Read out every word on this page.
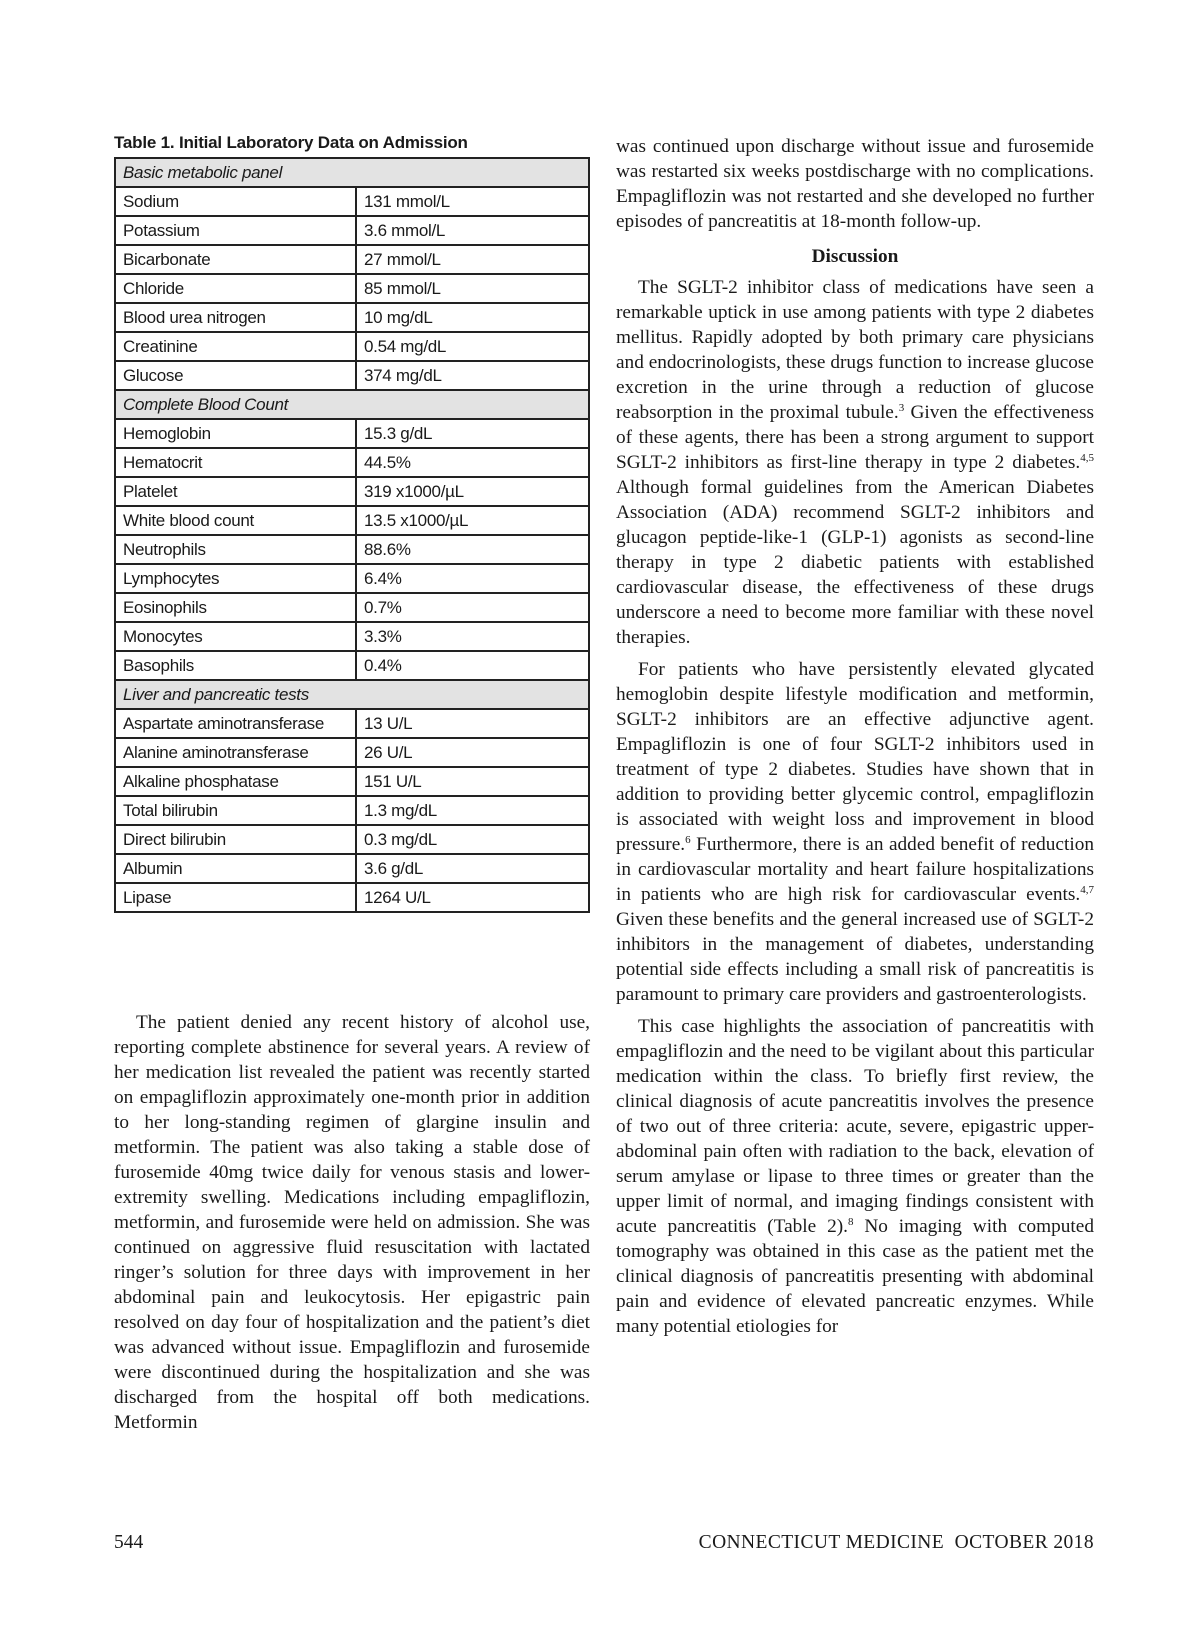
Table 1. Initial Laboratory Data on Admission
Basic metabolic panel	
Sodium	131 mmol/L
Potassium	3.6 mmol/L
Bicarbonate	27 mmol/L
Chloride	85 mmol/L
Blood urea nitrogen	10 mg/dL
Creatinine	0.54 mg/dL
Glucose	374 mg/dL
Complete Blood Count	
Hemoglobin	15.3 g/dL
Hematocrit	44.5%
Platelet	319 x1000/µL
White blood count	13.5 x1000/µL
Neutrophils	88.6%
Lymphocytes	6.4%
Eosinophils	0.7%
Monocytes	3.3%
Basophils	0.4%
Liver and pancreatic tests	
Aspartate aminotransferase	13 U/L
Alanine aminotransferase	26 U/L
Alkaline phosphatase	151 U/L
Total bilirubin	1.3 mg/dL
Direct bilirubin	0.3 mg/dL
Albumin	3.6 g/dL
Lipase	1264 U/L

The patient denied any recent history of alcohol use, reporting complete abstinence for several years. A review of her medication list revealed the patient was recently started on empagliflozin approximately one-month prior in addition to her long-standing regimen of glargine insulin and metformin. The patient was also taking a stable dose of furosemide 40mg twice daily for venous stasis and lower-extremity swelling. Medications including empagliflozin, metformin, and furosemide were held on admission. She was continued on aggressive fluid resuscitation with lactated ringer’s solution for three days with improvement in her abdominal pain and leukocytosis. Her epigastric pain resolved on day four of hospitalization and the patient’s diet was advanced without issue. Empagliflozin and furosemide were discontinued during the hospitalization and she was discharged from the hospital off both medications. Metformin

was continued upon discharge without issue and furosemide was restarted six weeks postdischarge with no complications. Empagliflozin was not restarted and she developed no further episodes of pancreatitis at 18-month follow-up.

Discussion

The SGLT-2 inhibitor class of medications have seen a remarkable uptick in use among patients with type 2 diabetes mellitus. Rapidly adopted by both primary care physicians and endocrinologists, these drugs function to increase glucose excretion in the urine through a reduction of glucose reabsorption in the proximal tubule.$^3$ Given the effectiveness of these agents, there has been a strong argument to support SGLT-2 inhibitors as first-line therapy in type 2 diabetes.$^{4,5}$ Although formal guidelines from the American Diabetes Association (ADA) recommend SGLT-2 inhibitors and glucagon peptide-like-1 (GLP-1) agonists as second-line therapy in type 2 diabetic patients with established cardiovascular disease, the effectiveness of these drugs underscore a need to become more familiar with these novel therapies.

For patients who have persistently elevated glycated hemoglobin despite lifestyle modification and metformin, SGLT-2 inhibitors are an effective adjunctive agent. Empagliflozin is one of four SGLT-2 inhibitors used in treatment of type 2 diabetes. Studies have shown that in addition to providing better glycemic control, empagliflozin is associated with weight loss and improvement in blood pressure.$^6$ Furthermore, there is an added benefit of reduction in cardiovascular mortality and heart failure hospitalizations in patients who are high risk for cardiovascular events.$^{4,7}$ Given these benefits and the general increased use of SGLT-2 inhibitors in the management of diabetes, understanding potential side effects including a small risk of pancreatitis is paramount to primary care providers and gastroenterologists.

This case highlights the association of pancreatitis with empagliflozin and the need to be vigilant about this particular medication within the class. To briefly first review, the clinical diagnosis of acute pancreatitis involves the presence of two out of three criteria: acute, severe, epigastric upper-abdominal pain often with radiation to the back, elevation of serum amylase or lipase to three times or greater than the upper limit of normal, and imaging findings consistent with acute pancreatitis (Table 2).$^8$ No imaging with computed tomography was obtained in this case as the patient met the clinical diagnosis of pancreatitis presenting with abdominal pain and evidence of elevated pancreatic enzymes. While many potential etiologies for

544	CONNECTICUT MEDICINE OCTOBER 2018
